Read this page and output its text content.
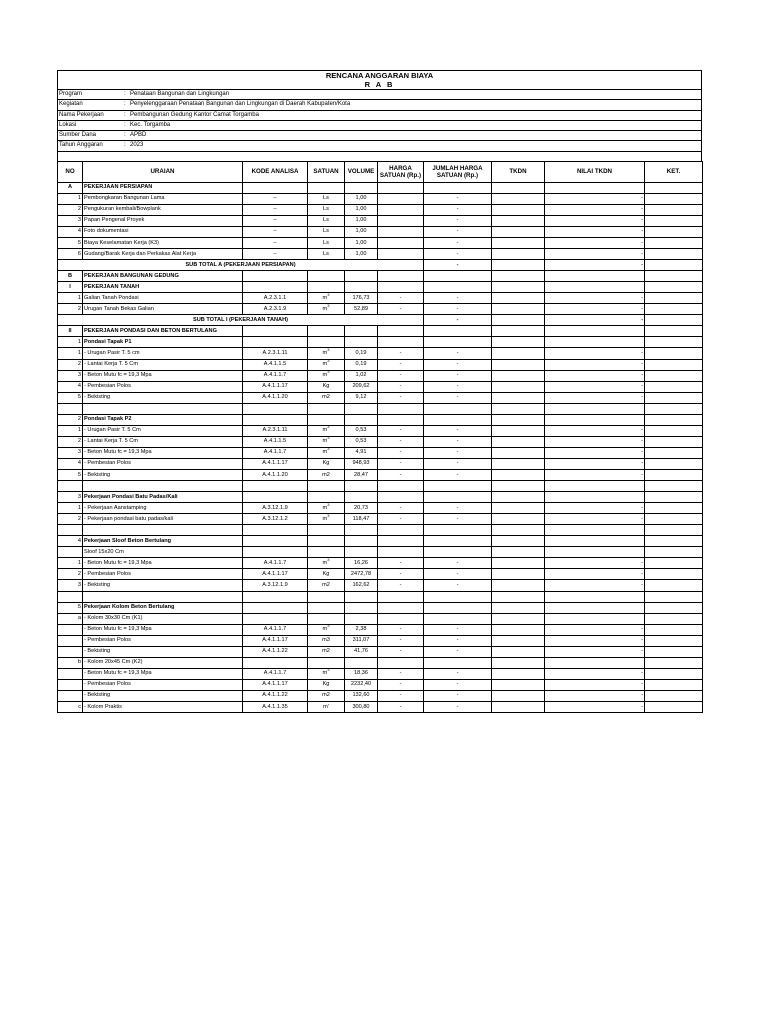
RENCANA ANGGARAN BIAYA
R A B
Program	: Penataan Bangunan dan Lingkungan
Kegiatan	: Penyelenggaraan Penataan Bangunan dan Lingkungan di Daerah Kabupaten/Kota
Nama Pekerjaan	: Pembangunan Gedung Kantor Camat Torgamba
Lokasi	: Kec. Torgamba
Sumber Dana	: APBD
Tahun Anggaran	: 2023
NO	URAIAN	KODE ANALISA	SATUAN	VOLUME	HARGA SATUAN (Rp.)	JUMLAH HARGA SATUAN (Rp.)	TKDN	NILAI TKDN	KET.
A	PEKERJAAN PERSIAPAN								
1	Pembongkaran Bangunan Lama	--	Ls	1,00		-		-	
2	Pengukuran kembali/Bowplank	--	Ls	1,00		-		-	
3	Papan Pengenal Proyek	--	Ls	1,00		-		-	
4	Foto dokumentasi	--	Ls	1,00		-		-	
5	Biaya Keselamatan Kerja (K3)	--	Ls	1,00		-		-	
6	Gudang/Barak Kerja dan Perkakas Alat Kerja	--	Ls	1,00		-		-	
SUB TOTAL A (PEKERJAAN PERSIAPAN)						-		-	
B	PEKERJAAN BANGUNAN GEDUNG								
I	PEKERJAAN TANAH								
1	Galian Tanah Pondasi	A.2.3.1.1	$m^3$	176,73	-	-		-	
2	Urugan Tanah Bekas Galian	A.2.3.1.9	$m^3$	52,89	-	-		-	
SUB TOTAL I (PEKERJAAN TANAH)						-		-	
II	PEKERJAAN PONDASI DAN BETON BERTULANG								
1	Pondasi Tapak P1								
1	- Urugan Pasir T. 5 cm	A.2.3.1.11	$m^3$	0,19	-	-		-	
2	- Lantai Kerja T. 5 Cm	A.4.1.1.5	$m^3$	0,19	-	-		-	
3	- Beton Mutu fc = 19,3 Mpa	A.4.1.1.7	$m^3$	1,02	-	-		-	
4	- Pembesian Polos	A.4.1.1.17	Kg	209,62	-	-		-	
5	- Bekisting	A.4.1.1.20	m2	9,12	-	-		-	

2	Pondasi Tapak P2								
1	- Urugan Pasir T. 5 Cm	A.2.3.1.11	$m^3$	0,53	-	-		-	
2	- Lantai Kerja T. 5 Cm	A.4.1.1.5	$m^3$	0,53	-	-		-	
3	- Beton Mutu fc = 19,3 Mpa	A.4.1.1.7	$m^3$	4,91	-	-		-	
4	- Pembesian Polos	A.4.1.1.17	Kg	948,93	-	-		-	
5	- Bekisting	A.4.1.1.20	m2	28,47	-	-		-	

3	Pekerjaan Pondasi Batu Padas/Kali								
1	- Pekerjaan Aanstamping	A.3.12.1.9	$m^3$	20,73	-	-		-	
2	- Pekerjaan pondasi batu padas/kali	A.3.12.1.2	$m^3$	118,47	-	-		-	

4	Pekerjaan Sloof Beton Bertulang								
	Sloof 15x20 Cm								
1	- Beton Mutu fc = 19,3 Mpa	A.4.1.1.7	$m^3$	16,26	-	-		-	
2	- Pembesian Polos	A.4.1.1.17	Kg	2472,78	-	-		-	
3	- Bekisting	A.3.12.1.9	m2	162,62	-	-		-	

5	Pekerjaan Kolom Beton Bertulang								
a	- Kolom 30x30 Cm (K1)								
	- Beton Mutu fc = 19,3 Mpa	A.4.1.1.7	$m^3$	2,38	-	-		-	
	- Pembesian Polos	A.4.1.1.17	m3	311,07	-	-		-	
	- Bekisting	A.4.1.1.22	m2	41,76	-	-		-	
b	- Kolom 20x45 Cm (K2)								
	- Beton Mutu fc = 19,3 Mpa	A.4.1.1.7	$m^3$	18,36	-	-		-	
	- Pembesian Polos	A.4.1.1.17	Kg	2232,40	-	-		-	
	- Bekisting	A.4.1.1.22	m2	132,60	-	-		-	
c	- Kolom Praktis	A.4.1.1.35	m'	300,80	-	-		-	
